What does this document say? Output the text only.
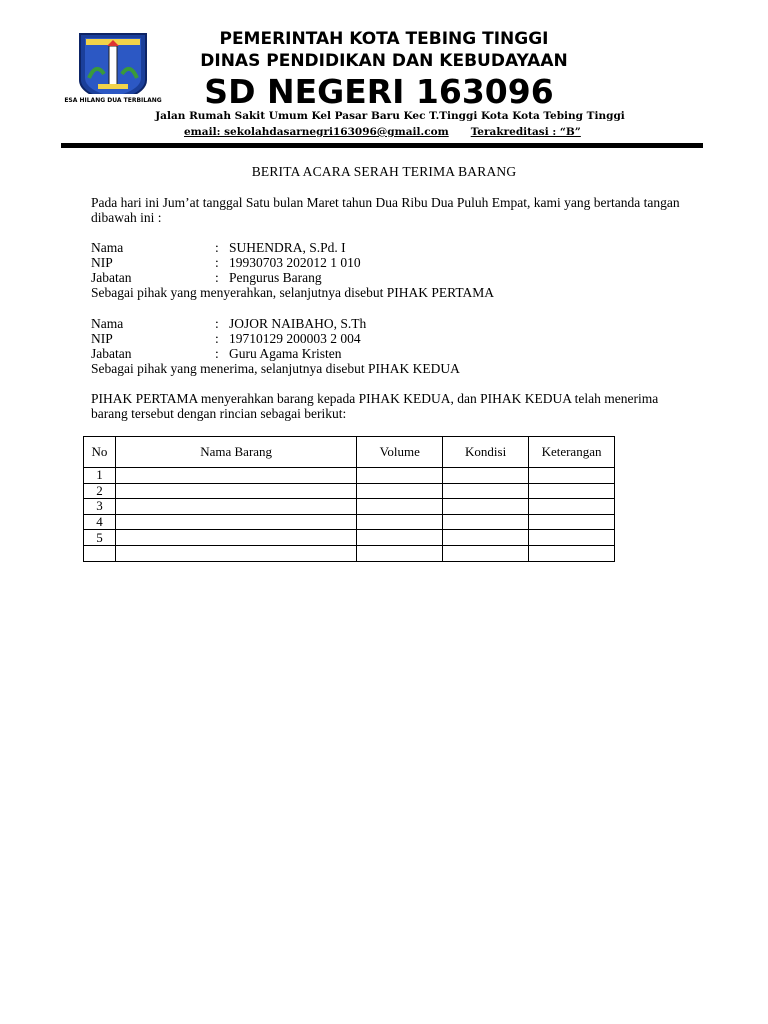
ESA HILANG DUA TERBILANG
PEMERINTAH KOTA TEBING TINGGI
DINAS PENDIDIKAN DAN KEBUDAYAAN
SD NEGERI 163096
Jalan Rumah Sakit Umum Kel Pasar Baru Kec T.Tinggi Kota Kota Tebing Tinggi
email: sekolahdasarnegri163096@gmail.com Terakreditasi : “B”
BERITA ACARA SERAH TERIMA BARANG
Pada hari ini Jum’at tanggal Satu bulan Maret tahun Dua Ribu Dua Puluh Empat, kami yang bertanda tangan dibawah ini :
Nama	: SUHENDRA, S.Pd. I
NIP	: 19930703 202012 1 010
Jabatan	: Pengurus Barang
Sebagai pihak yang menyerahkan, selanjutnya disebut PIHAK PERTAMA
Nama	: JOJOR NAIBAHO, S.Th
NIP	: 19710129 200003 2 004
Jabatan	: Guru Agama Kristen
Sebagai pihak yang menerima, selanjutnya disebut PIHAK KEDUA
PIHAK PERTAMA menyerahkan barang kepada PIHAK KEDUA, dan PIHAK KEDUA telah menerima barang tersebut dengan rincian sebagai berikut:
No	Nama Barang	Volume	Kondisi	Keterangan
1				
2				
3				
4				
5				
